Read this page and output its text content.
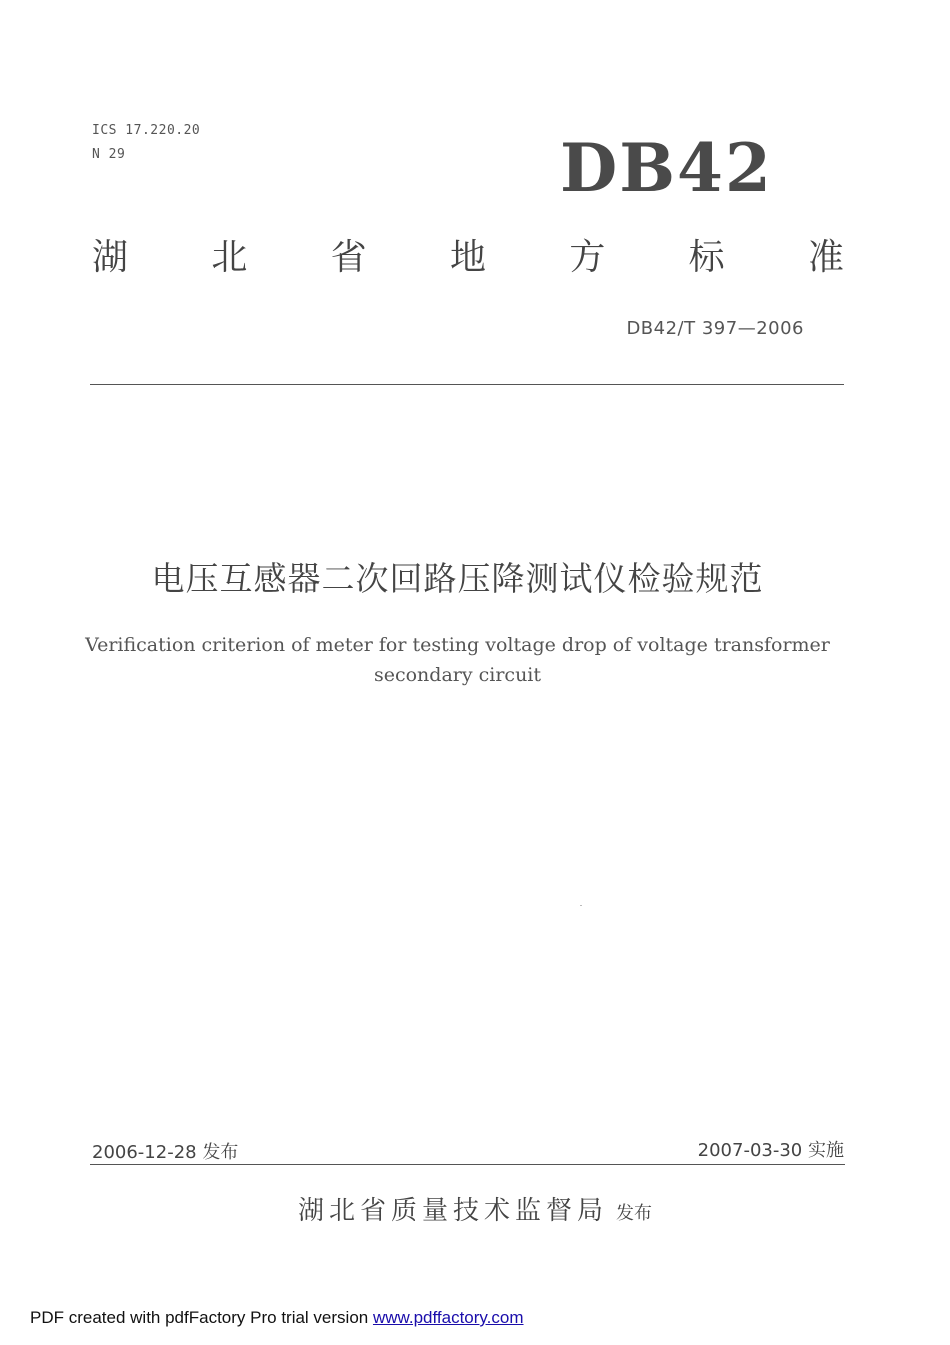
ICS 17.220.20
N 29	DB42
湖 北 省 地 方 标 准
DB42/T 397—2006
电压互感器二次回路压降测试仪检验规范
Verification criterion of meter for testing voltage drop of voltage transformer
secondary circuit
2006-12-28 发布	2007-03-30 实施
湖北省质量技术监督局 发布
PDF created with pdfFactory Pro trial version www.pdffactory.com
